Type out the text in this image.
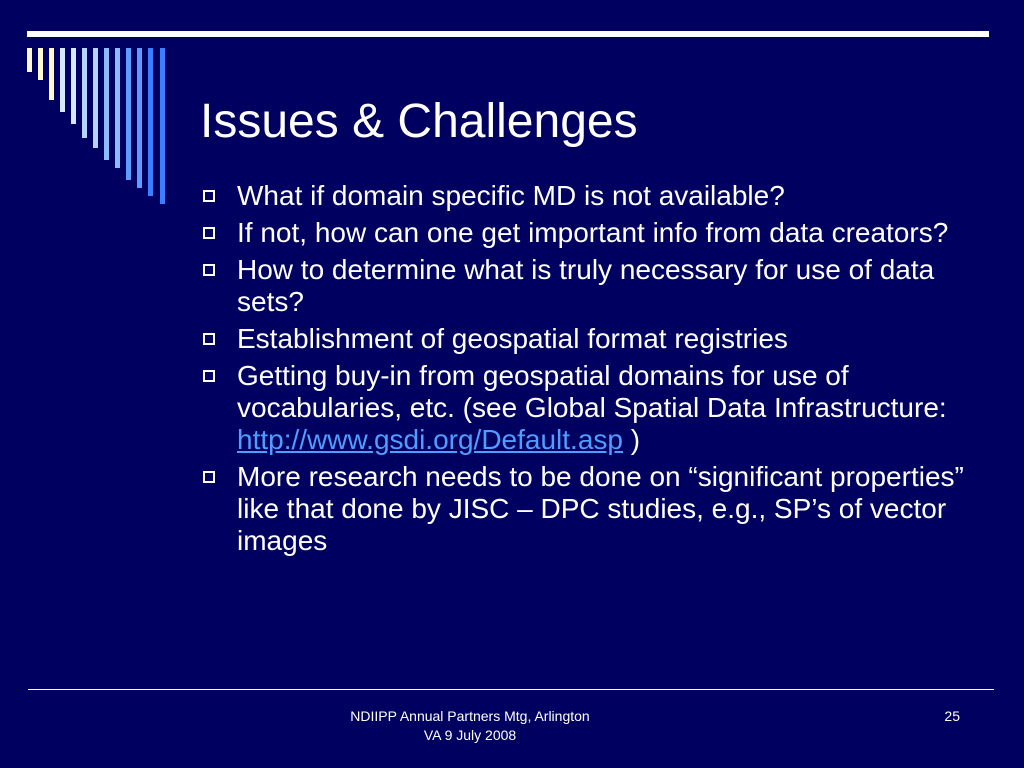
Issues & Challenges
What if domain specific MD is not available?
If not, how can one get important info from data creators?
How to determine what is truly necessary for use of data sets?
Establishment of geospatial format registries
Getting buy-in from geospatial domains for use of vocabularies, etc. (see Global Spatial Data Infrastructure: http://www.gsdi.org/Default.asp )
More research needs to be done on “significant properties” like that done by JISC – DPC studies, e.g., SP’s of vector images
NDIIPP Annual Partners Mtg, Arlington
VA 9 July 2008
25
